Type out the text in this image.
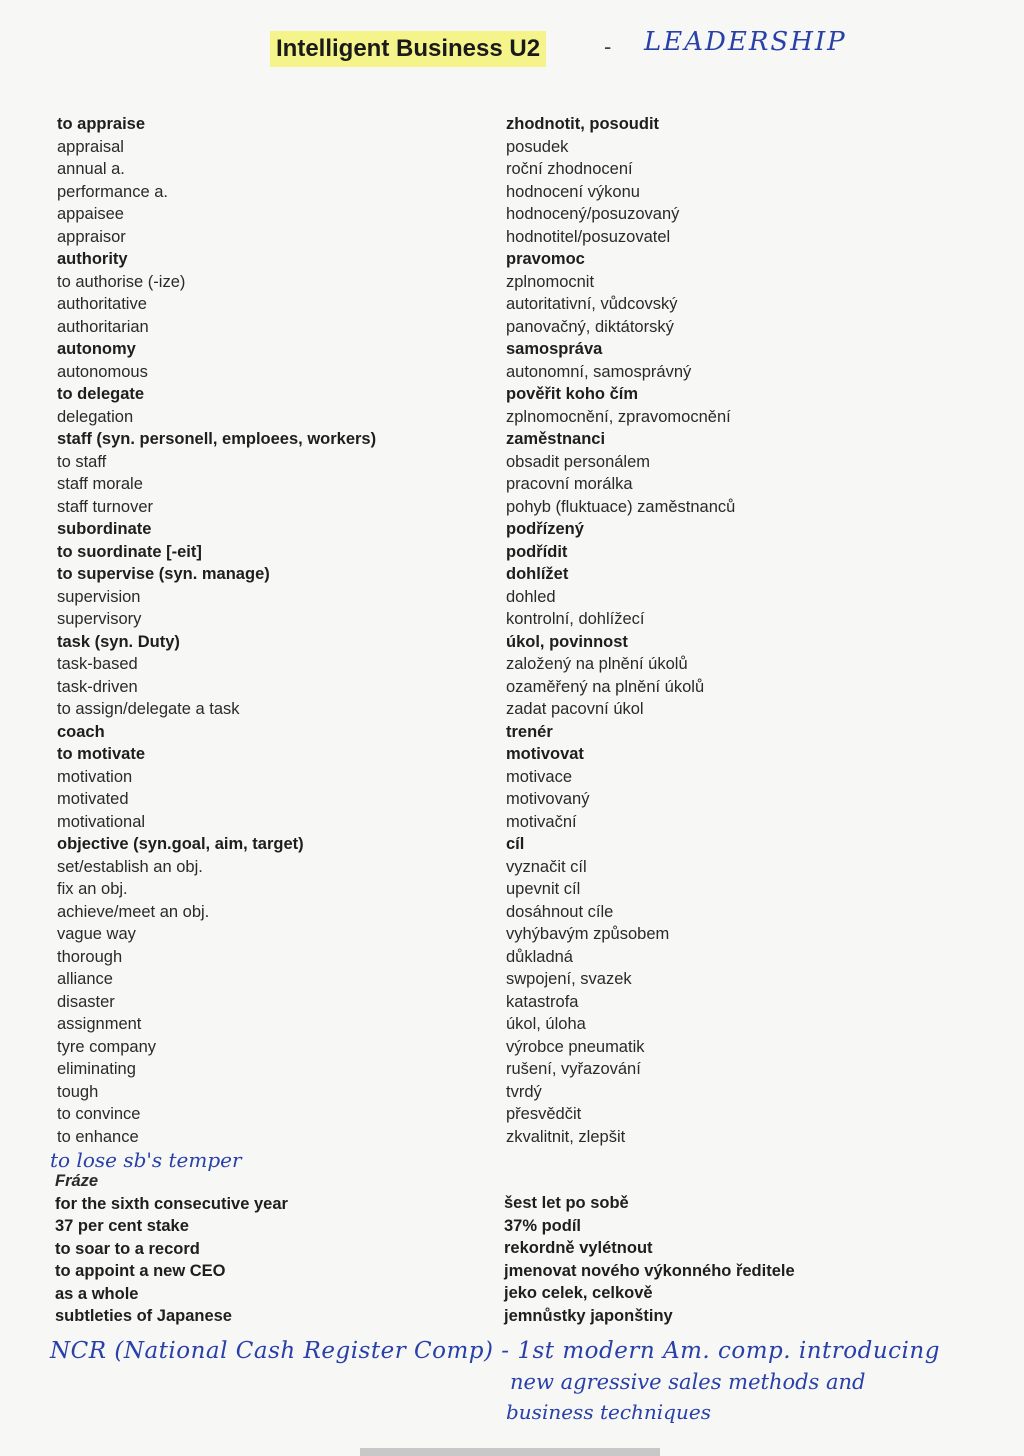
Intelligent Business U2	- LEADERSHIP
to appraise
appraisal
annual a.
performance a.
appaisee
appraisor
authority
to authorise (-ize)
authoritative
authoritarian
autonomy
autonomous
to delegate
delegation
staff (syn. personell, emploees, workers)
to staff
staff morale
staff turnover
subordinate
to suordinate [-eit]
to supervise (syn. manage)
supervision
supervisory
task (syn. Duty)
task-based
task-driven
to assign/delegate a task
coach
to motivate
motivation
motivated
motivational
objective (syn.goal, aim, target)
set/establish an obj.
fix an obj.
achieve/meet an obj.
vague way
thorough
alliance
disaster
assignment
tyre company
eliminating
tough
to convince
to enhance
zhodnotit, posoudit
posudek
roční zhodnocení
hodnocení výkonu
hodnocený/posuzovaný
hodnotitel/posuzovatel
pravomoc
zplnomocnit
autoritativní, vůdcovský
panovačný, diktátorský
samospráva
autonomní, samosprávný
pověřit koho čím
zplnomocnění, zpravomocnění
zaměstnanci
obsadit personálem
pracovní morálka
pohyb (fluktuace) zaměstnanců
podřízený
podřídit
dohlížet
dohled
kontrolní, dohlížecí
úkol, povinnost
založený na plnění úkolů
ozaměřený na plnění úkolů
zadat pacovní úkol
trenér
motivovat
motivace
motivovaný
motivační
cíl
vyznačit cíl
upevnit cíl
dosáhnout cíle
vyhýbavým způsobem
důkladná
swpojení, svazek
katastrofa
úkol, úloha
výrobce pneumatik
rušení, vyřazování
tvrdý
přesvědčit
zkvalitnit, zlepšit
to lose sb's temper
Fráze
for the sixth consecutive year
37 per cent stake
to soar to a record
to appoint a new CEO
as a whole
subtleties of Japanese
šest let po sobě
37% podíl
rekordně vylétnout
jmenovat nového výkonného ředitele
jeko celek, celkově
jemnůstky japonštiny
NCR (National Cash Register Comp) - 1st modern Am. comp. introducing
new agressive sales methods and
business techniques
